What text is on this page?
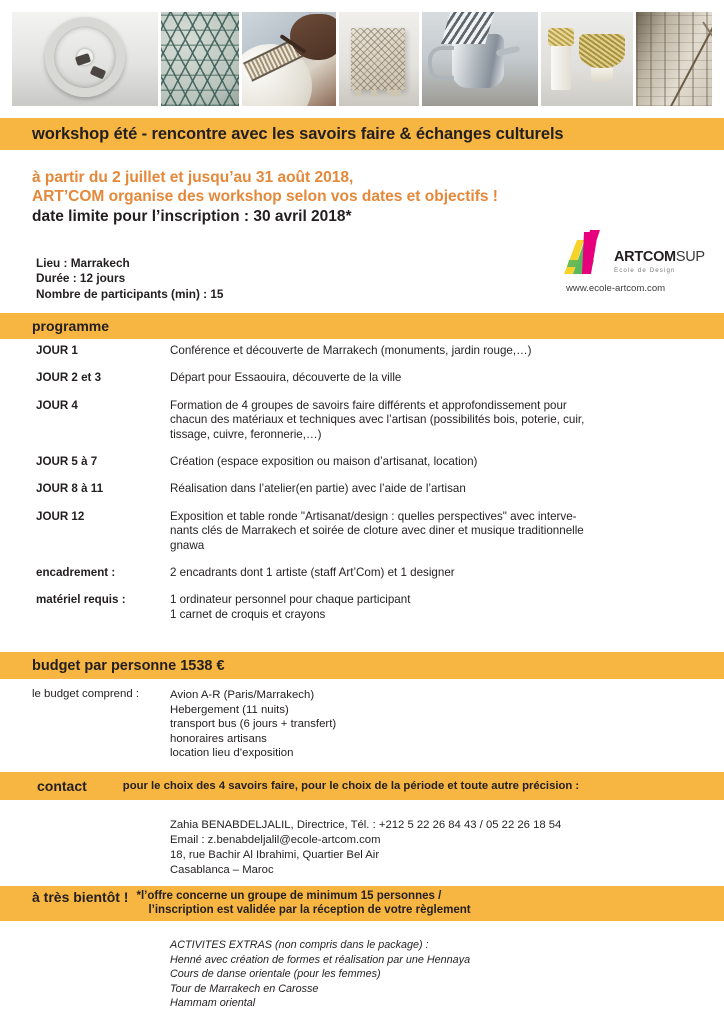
workshop été - rencontre avec les savoirs faire & échanges culturels
à partir du 2 juillet et jusqu’au 31 août 2018,
ART’COM organise des workshop selon vos dates et objectifs !
date limite pour l’inscription : 30 avril 2018*
ARTCOMSUP
Ecole de Design
www.ecole-artcom.com
Lieu : Marrakech
Durée : 12 jours
Nombre de participants (min) : 15
programme
JOUR 1	Conférence et découverte de Marrakech (monuments, jardin rouge,…)
JOUR 2 et 3	Départ pour Essaouira, découverte de la ville
JOUR 4	Formation de 4 groupes de savoirs faire différents et approfondissement pour
chacun des matériaux et techniques avec l’artisan (possibilités bois, poterie, cuir,
tissage, cuivre, feronnerie,…)
JOUR 5 à 7	Création (espace exposition ou maison d’artisanat, location)
JOUR 8 à 11	Réalisation dans l’atelier(en partie) avec l’aide de l’artisan
JOUR 12	Exposition et table ronde "Artisanat/design : quelles perspectives" avec interve-
nants clés de Marrakech et soirée de cloture avec diner et musique traditionnelle
gnawa
encadrement :	2 encadrants dont 1 artiste (staff Art’Com) et 1 designer
matériel requis :	1 ordinateur personnel pour chaque participant
1 carnet de croquis et crayons
budget par personne 1538 €
le budget comprend :	Avion A-R (Paris/Marrakech)
Hebergement (11 nuits)
transport bus (6 jours + transfert)
honoraires artisans
location lieu d’exposition
contact	pour le choix des 4 savoirs faire, pour le choix de la période et toute autre précision :
Zahia BENABDELJALIL, Directrice, Tél. : +212 5 22 26 84 43 / 05 22 26 18 54
Email : z.benabdeljalil@ecole-artcom.com
18, rue Bachir Al Ibrahimi, Quartier Bel Air
Casablanca – Maroc
à très bientôt ! *l’offre concerne un groupe de minimum 15 personnes /
l’inscription est validée par la réception de votre règlement
ACTIVITES EXTRAS (non compris dans le package) :
Henné avec création de formes et réalisation par une Hennaya
Cours de danse orientale (pour les femmes)
Tour de Marrakech en Carosse
Hammam oriental
